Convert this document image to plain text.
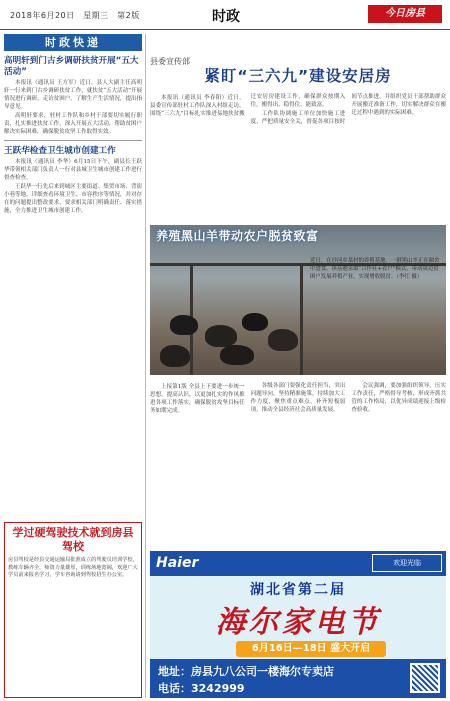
2018年6月20日　星期三　第2版	时政	今日房县
时政快递
高明轩到门古乡调研扶贫开展“五大活动”

本报讯（通讯员 王方军）近日，县人大副主任高明轩一行来到门古乡调研扶贫工作，就扶贫“五大活动”开展情况进行调研，走访贫困户，了解生产生活情况，提出指导意见。

高明轩要求，驻村工作队和乡村干部要切实履行职责，扎实推进扶贫工作，深入开展五大活动，帮助贫困户解决实际困难，确保脱贫攻坚工作取得实效。

王跃华检查卫生城市创建工作

本报讯（通讯员 李华）6月15日下午，副县长王跃华带领相关部门负责人一行对县城卫生城市创建工作进行督查检查。

王跃华一行先后来到城区主要街道、集贸市场、背街小巷等地，详细查看环境卫生、市容秩序等情况，并对存在的问题提出整改要求，要求相关部门明确责任、落实措施，全力推进卫生城市创建工作。

学过硬驾驶技术就到房县驾校
房县驾校是经县交通运输局批准成立的驾驶员培训学校，教练车辆齐全，师资力量雄厚，训练场地宽阔，欢迎广大学员前来报名学习，学车咨询请到驾校招生办公室。
县委宣传部
紧盯“三六九”建设安居房

本报讯（通讯员 李春阳）近日，县委宣传部驻村工作队深入村组走访，围绕“三六九”目标扎实推进易地扶贫搬迁安居房建设工作，确保群众按期入住，搬得出、稳得住、能致富。

工作队协调施工单位加快施工进度，严把质量安全关，督促各项目按时间节点推进，并组织党员干部帮助群众开展搬迁准备工作，切实解决群众在搬迁过程中遇到的实际困难。

养殖黑山羊带动农户脱贫致富
近日，在沙河乡某村的养殖基地，一群黑山羊正在圈舍中进食。该基地采取“合作社+农户”模式，带动周边贫困户发展养殖产业，实现增收脱贫。（李红 摄）

上接第1版 全县上下要进一步统一思想，提高认识，以更加扎实的作风推进各项工作落实，确保脱贫攻坚目标任务如期完成。

各级各部门要强化责任担当，突出问题导向，坚持精准施策，持续加大工作力度，聚焦重点难点，补齐短板弱项，推动全县经济社会高质量发展。

会议强调，要加强组织领导，压实工作责任，严格督导考核，形成齐抓共管的工作格局，以优异成绩迎接上级检查验收。

Haier	欢迎光临
湖北省第二届
海尔家电节
6月16日—18日 盛大开启
地址：房县九八公司一楼海尔专卖店
电话：3242999
